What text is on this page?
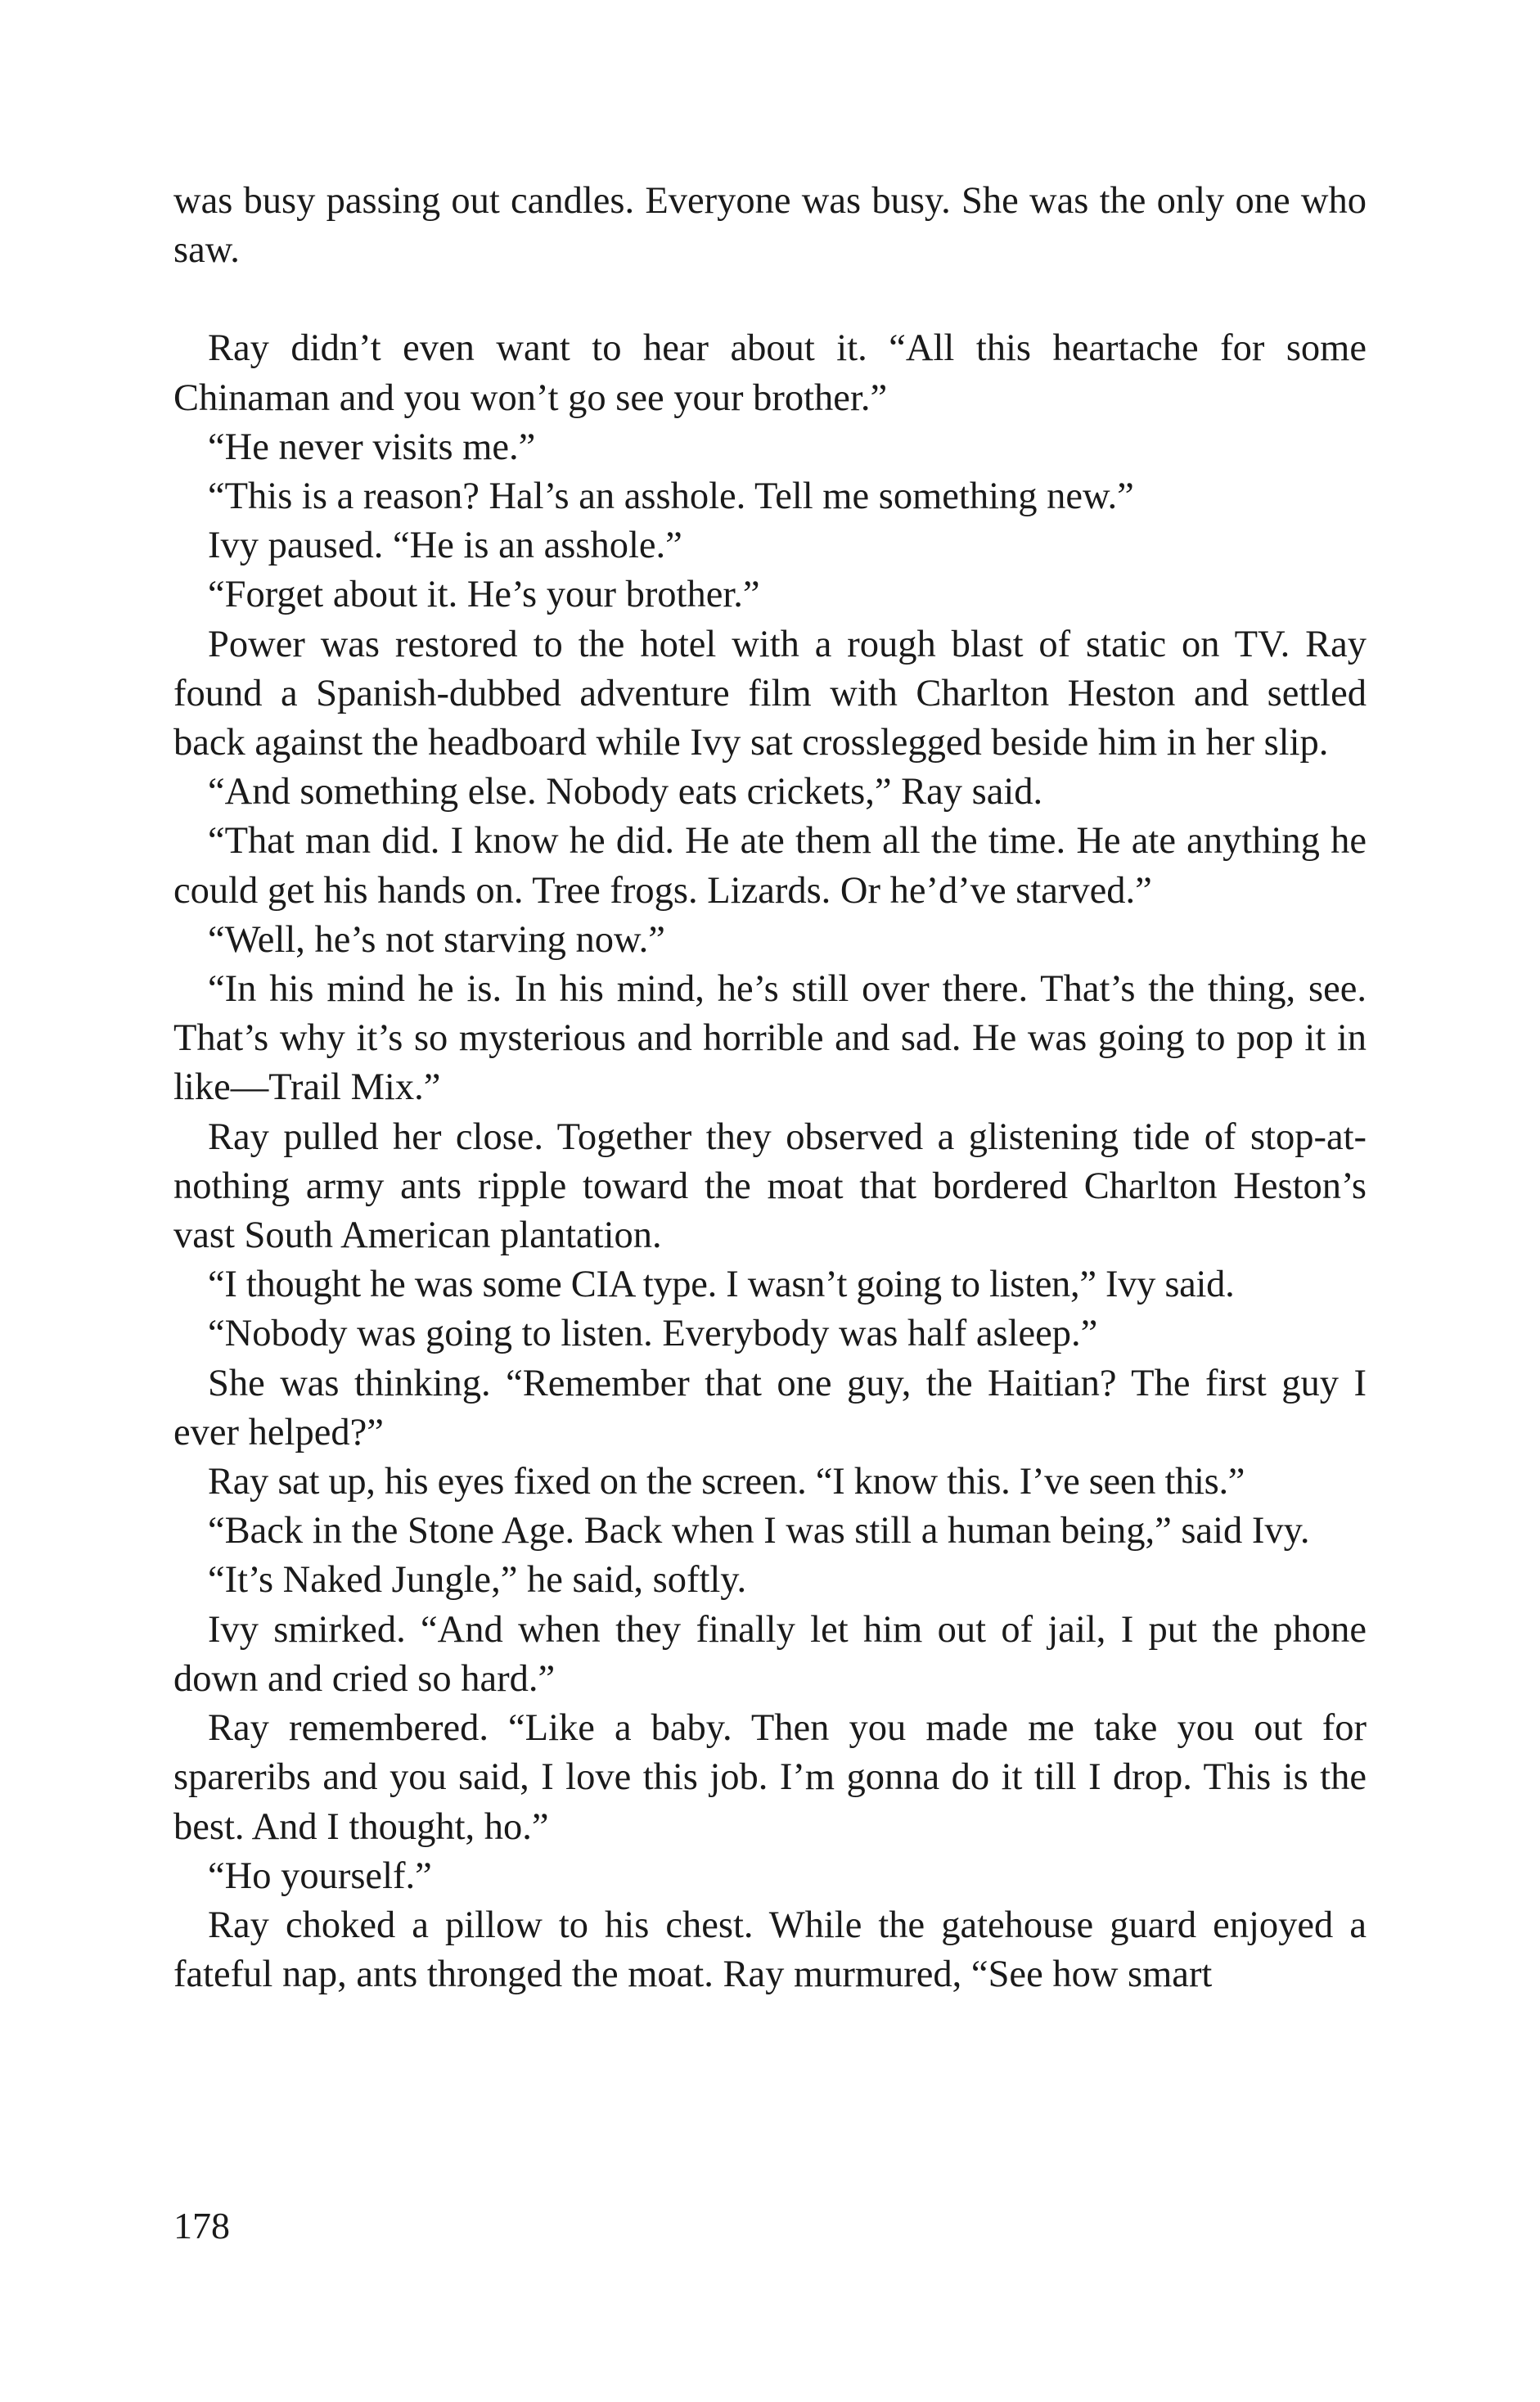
was busy passing out candles. Everyone was busy. She was the only one who saw.

Ray didn’t even want to hear about it. “All this heartache for some Chinaman and you won’t go see your brother.”

“He never visits me.”

“This is a reason? Hal’s an asshole. Tell me something new.”

Ivy paused. “He is an asshole.”

“Forget about it. He’s your brother.”

Power was restored to the hotel with a rough blast of static on TV. Ray found a Spanish-dubbed adventure film with Charlton Heston and settled back against the headboard while Ivy sat crosslegged beside him in her slip.

“And something else. Nobody eats crickets,” Ray said.

“That man did. I know he did. He ate them all the time. He ate anything he could get his hands on. Tree frogs. Lizards. Or he’d’ve starved.”

“Well, he’s not starving now.”

“In his mind he is. In his mind, he’s still over there. That’s the thing, see. That’s why it’s so mysterious and horrible and sad. He was going to pop it in like—Trail Mix.”

Ray pulled her close. Together they observed a glistening tide of stop-at-nothing army ants ripple toward the moat that bordered Charlton Heston’s vast South American plantation.

“I thought he was some CIA type. I wasn’t going to listen,” Ivy said.

“Nobody was going to listen. Everybody was half asleep.”

She was thinking. “Remember that one guy, the Haitian? The first guy I ever helped?”

Ray sat up, his eyes fixed on the screen. “I know this. I’ve seen this.”

“Back in the Stone Age. Back when I was still a human being,” said Ivy.

“It’s Naked Jungle,” he said, softly.

Ivy smirked. “And when they finally let him out of jail, I put the phone down and cried so hard.”

Ray remembered. “Like a baby. Then you made me take you out for spareribs and you said, I love this job. I’m gonna do it till I drop. This is the best. And I thought, ho.”

“Ho yourself.”

Ray choked a pillow to his chest. While the gatehouse guard enjoyed a fateful nap, ants thronged the moat. Ray murmured, “See how smart

178
